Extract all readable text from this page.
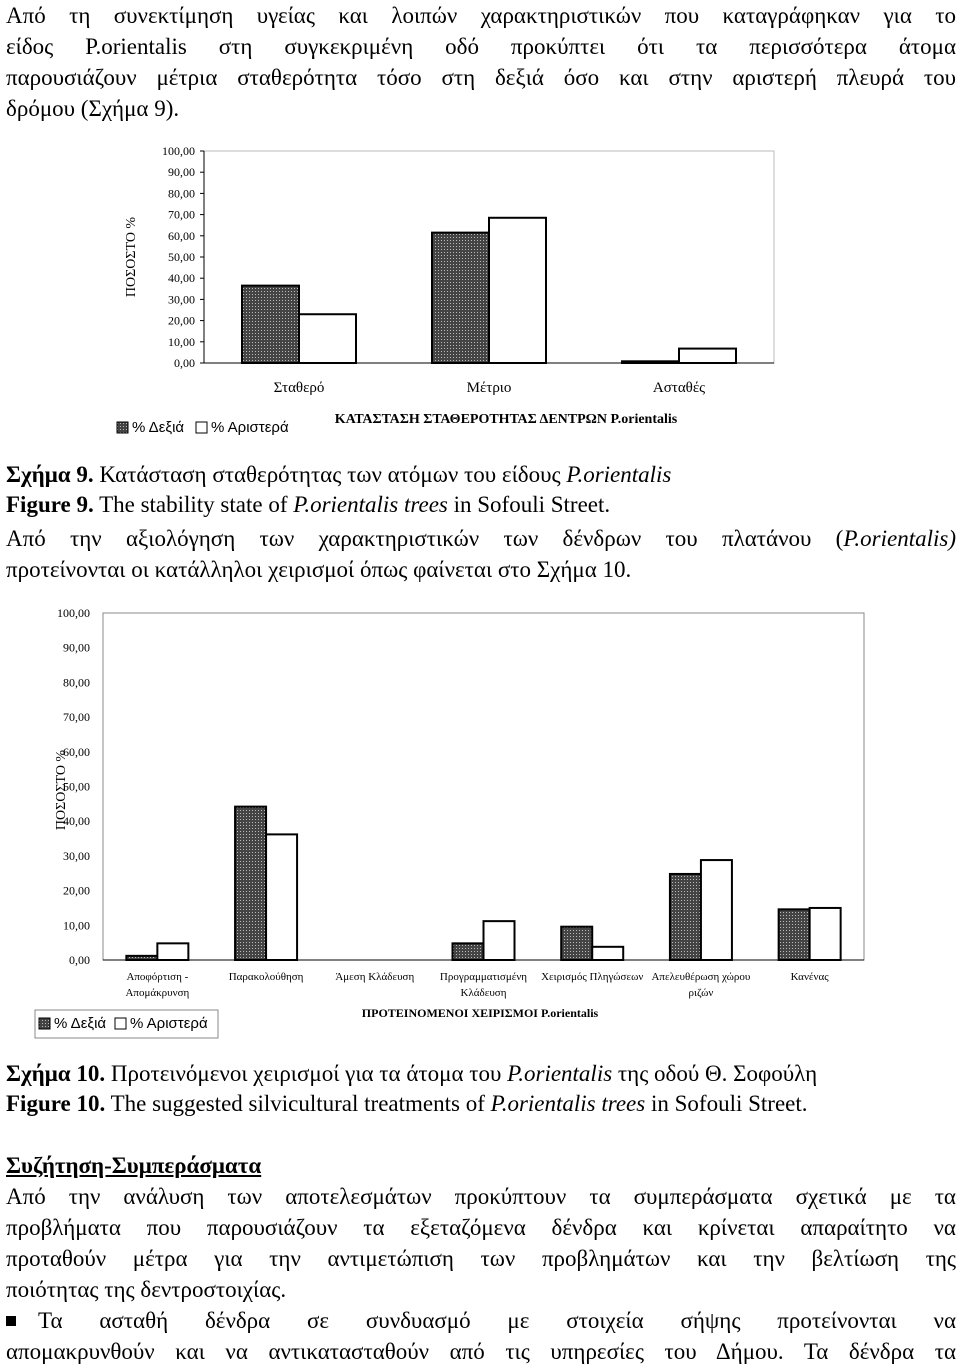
Από τη συνεκτίμηση υγείας και λοιπών χαρακτηριστικών που καταγράφηκαν για το
είδος P.orientalis στη συγκεκριμένη οδό προκύπτει ότι τα περισσότερα άτομα
παρουσιάζουν μέτρια σταθερότητα τόσο στη δεξιά όσο και στην αριστερή πλευρά του
δρόμου (Σχήμα 9).
0,00
10,00
20,00
30,00
40,00
50,00
60,00
70,00
80,00
90,00
100,00
ΠΟΣΟΣΤΟ %
Σταθερό	Μέτριο	Ασταθές
ΚΑΤΑΣΤΑΣΗ ΣΤΑΘΕΡΟΤΗΤΑΣ ΔΕΝΤΡΩΝ P.orientalis
% Δεξιά % Αριστερά
Σχήμα 9. Κατάσταση σταθερότητας των ατόμων του είδους P.orientalis
Figure 9. The stability state of P.orientalis trees in Sofouli Street.
Από την αξιολόγηση των χαρακτηριστικών των δένδρων του πλατάνου (P.orientalis)
προτείνονται οι κατάλληλοι χειρισμοί όπως φαίνεται στο Σχήμα 10.
0,00
10,00
20,00
30,00
40,00
50,00
60,00
70,00
80,00
90,00
100,00
ΠΟΣΟΣΤΟ %
Αποφόρτιση -
Απομάκρυνση
Παρακολούθηση	Άμεση Κλάδευση Προγραμματισμένη
Κλάδευση
Χειρισμός Πληγώσεων Απελευθέρωση χώρου
ριζών
Κανένας
ΠΡΟΤΕΙΝΟΜΕΝΟΙ ΧΕΙΡΙΣΜΟΙ P.orientalis
% Δεξιά % Αριστερά
Σχήμα 10. Προτεινόμενοι χειρισμοί για τα άτομα του P.orientalis της οδού Θ. Σοφούλη
Figure 10. The suggested silvicultural treatments of P.orientalis trees in Sofouli Street.
Συζήτηση-Συμπεράσματα
Από την ανάλυση των αποτελεσμάτων προκύπτουν τα συμπεράσματα σχετικά με τα
προβλήματα που παρουσιάζουν τα εξεταζόμενα δένδρα και κρίνεται απαραίτητο να
προταθούν μέτρα για την αντιμετώπιση των προβλημάτων και την βελτίωση της
ποιότητας της δεντροστοιχίας.
Τα ασταθή δένδρα σε συνδυασμό με στοιχεία σήψης προτείνονται να
απομακρυνθούν και να αντικατασταθούν από τις υπηρεσίες του Δήμου. Τα δένδρα τα
